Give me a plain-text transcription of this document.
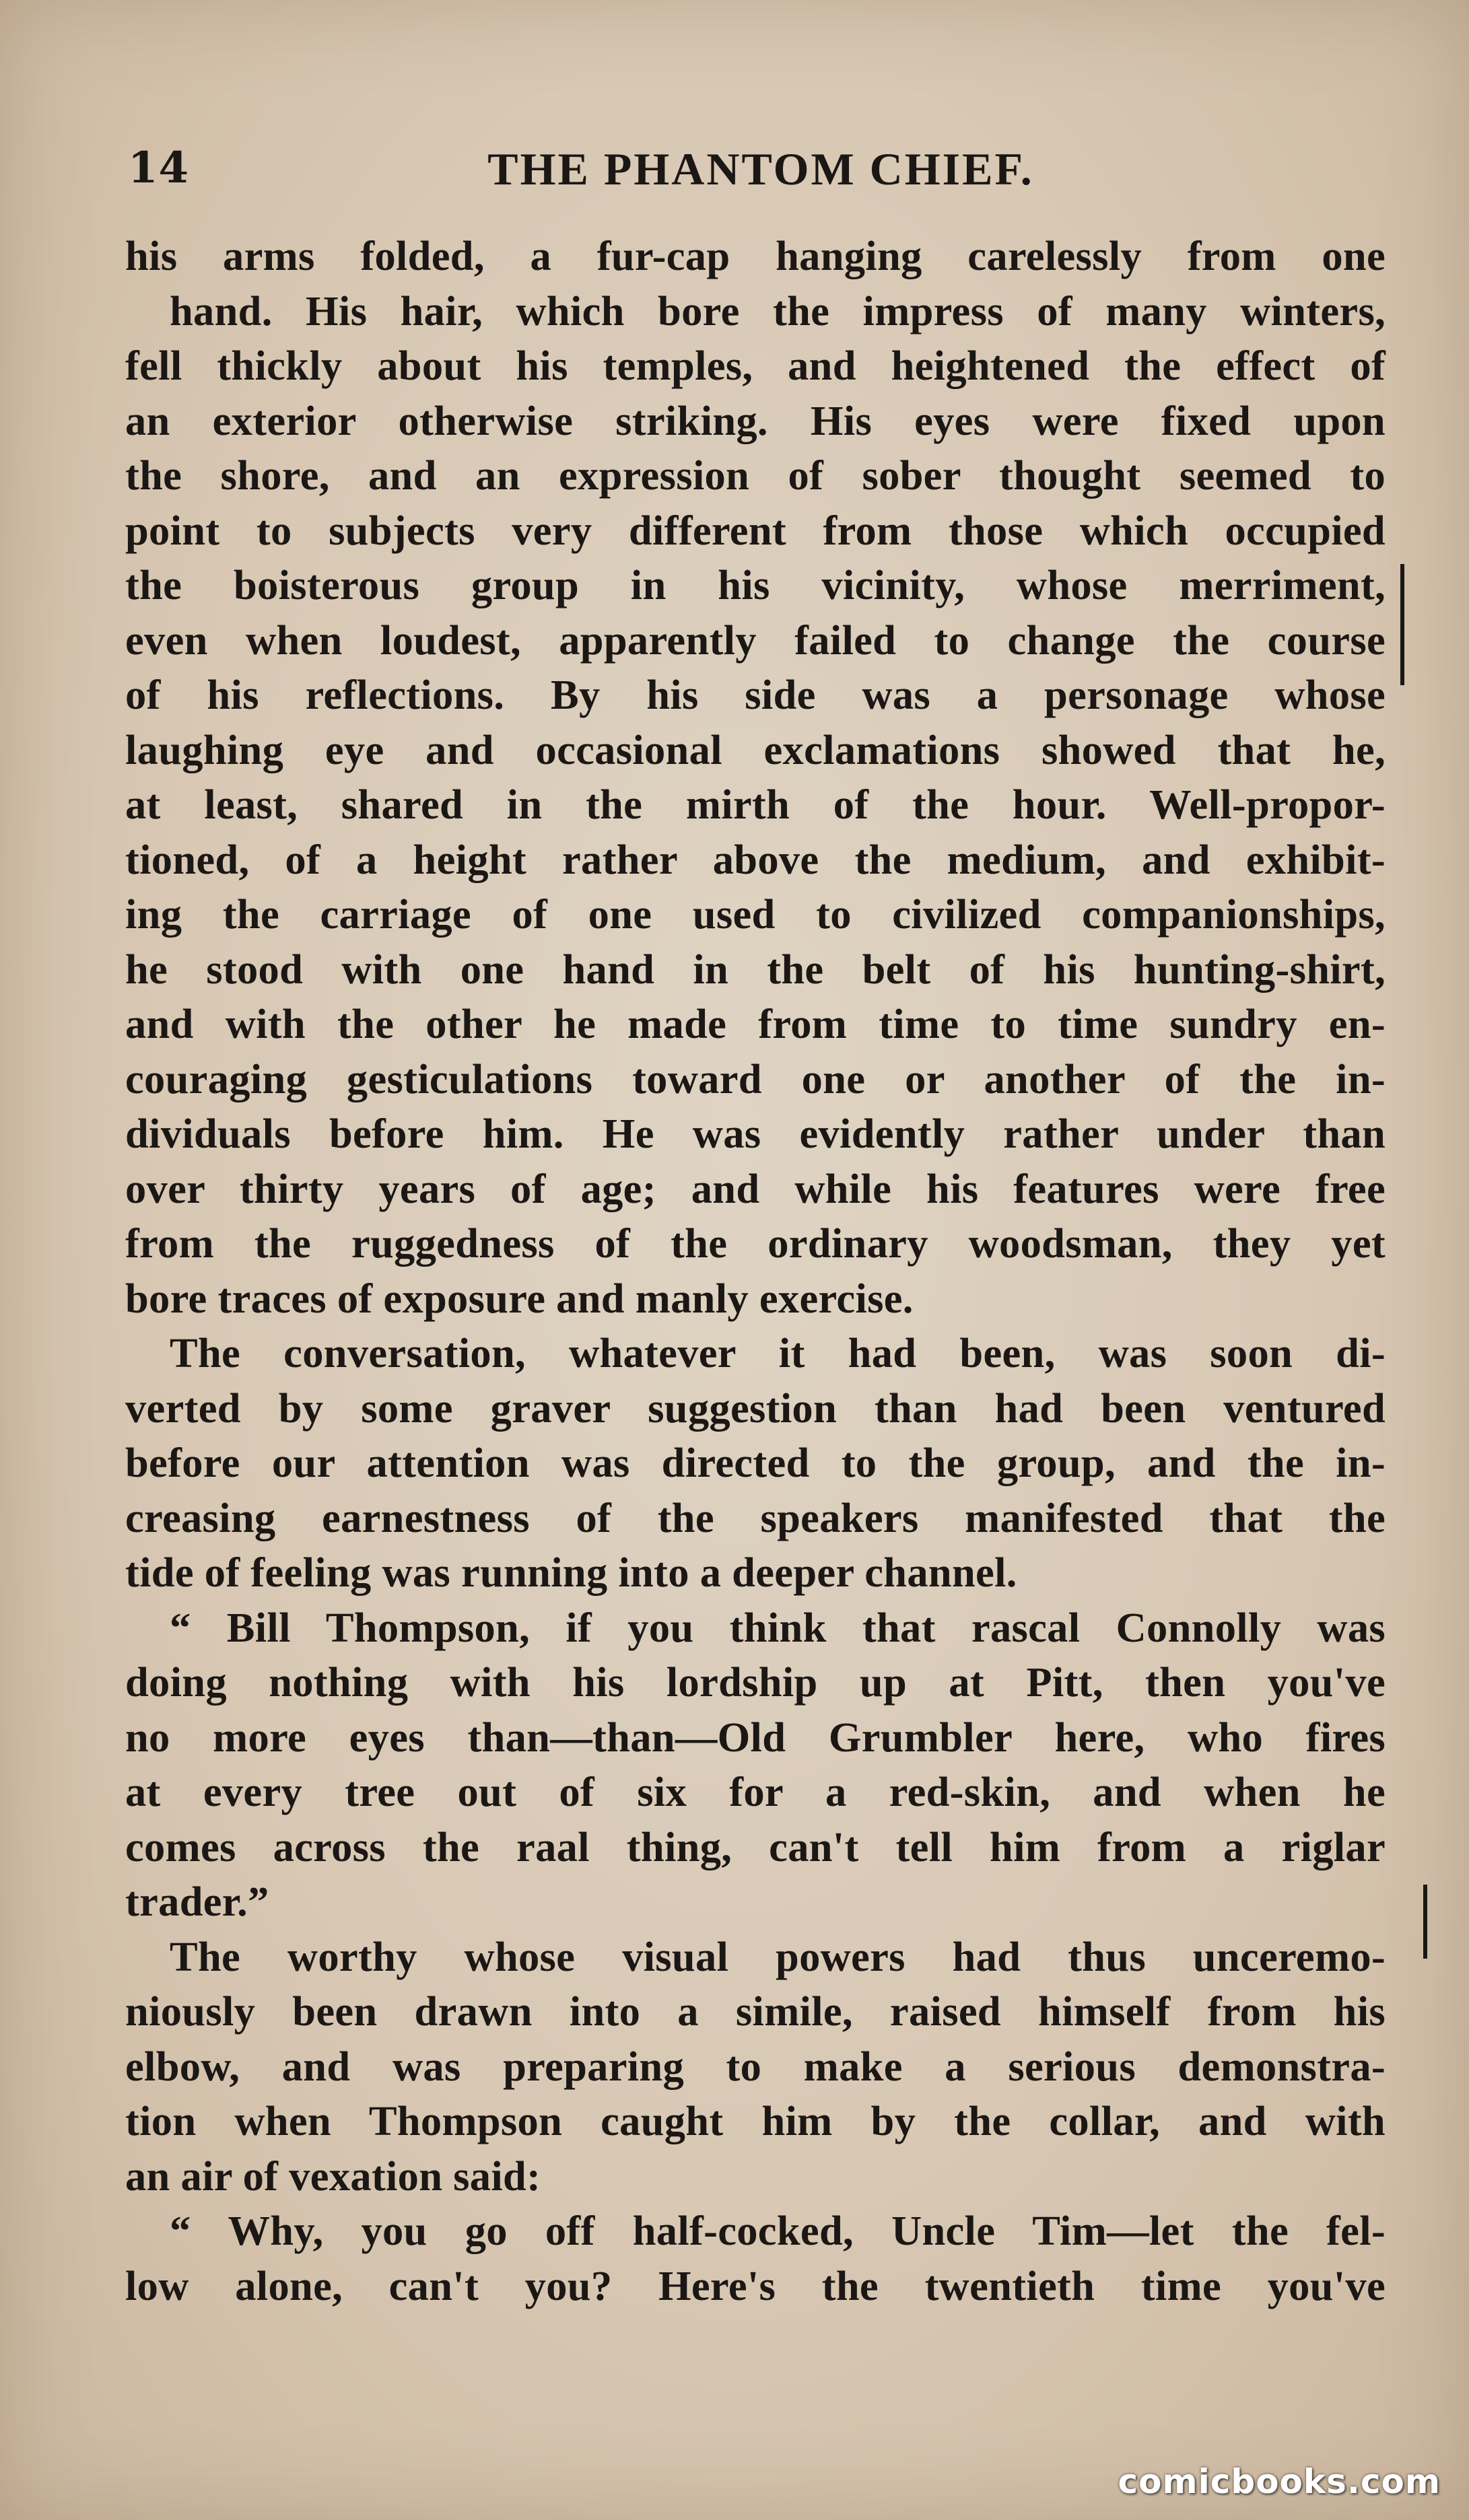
14	THE PHANTOM CHIEF.

his arms folded, a fur-cap hanging carelessly from one

hand. His hair, which bore the impress of many winters,

fell thickly about his temples, and heightened the effect of

an exterior otherwise striking. His eyes were fixed upon

the shore, and an expression of sober thought seemed to

point to subjects very different from those which occupied

the boisterous group in his vicinity, whose merriment,

even when loudest, apparently failed to change the course

of his reflections. By his side was a personage whose

laughing eye and occasional exclamations showed that he,

at least, shared in the mirth of the hour. Well-propor-

tioned, of a height rather above the medium, and exhibit-

ing the carriage of one used to civilized companionships,

he stood with one hand in the belt of his hunting-shirt,

and with the other he made from time to time sundry en-

couraging gesticulations toward one or another of the in-

dividuals before him. He was evidently rather under than

over thirty years of age; and while his features were free

from the ruggedness of the ordinary woodsman, they yet

bore traces of exposure and manly exercise.

The conversation, whatever it had been, was soon di-

verted by some graver suggestion than had been ventured

before our attention was directed to the group, and the in-

creasing earnestness of the speakers manifested that the

tide of feeling was running into a deeper channel.

“ Bill Thompson, if you think that rascal Connolly was

doing nothing with his lordship up at Pitt, then you've

no more eyes than—than—Old Grumbler here, who fires

at every tree out of six for a red-skin, and when he

comes across the raal thing, can't tell him from a riglar

trader.”

The worthy whose visual powers had thus unceremo-

niously been drawn into a simile, raised himself from his

elbow, and was preparing to make a serious demonstra-

tion when Thompson caught him by the collar, and with

an air of vexation said:

“ Why, you go off half-cocked, Uncle Tim—let the fel-

low alone, can't you? Here's the twentieth time you've

comicbooks.com
